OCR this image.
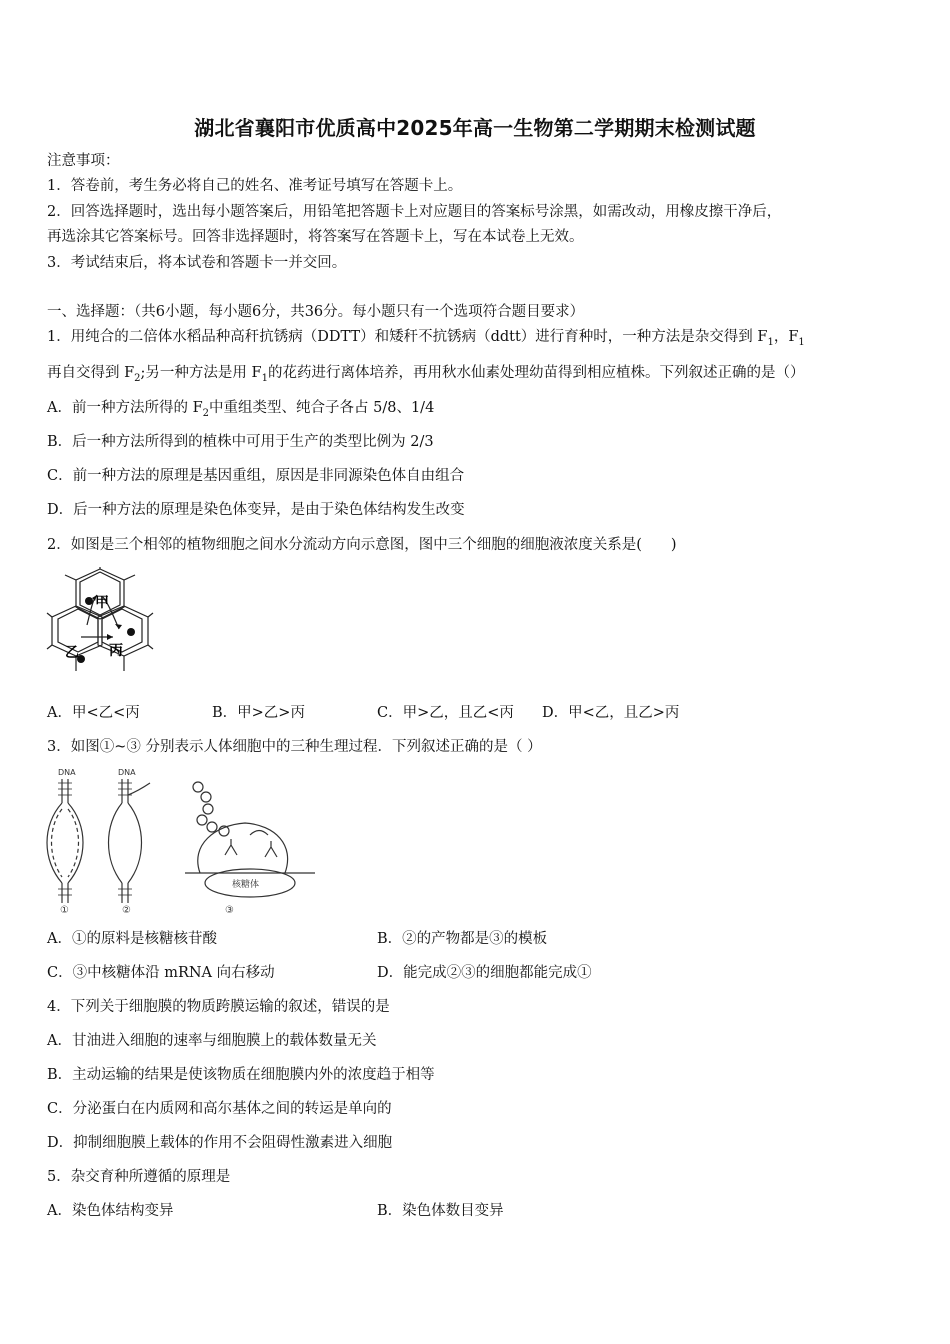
湖北省襄阳市优质高中2025年高一生物第二学期期末检测试题
注意事项：
1．答卷前，考生务必将自己的姓名、准考证号填写在答题卡上。
2．回答选择题时，选出每小题答案后，用铅笔把答题卡上对应题目的答案标号涂黑，如需改动，用橡皮擦干净后，
再选涂其它答案标号。回答非选择题时，将答案写在答题卡上，写在本试卷上无效。
3．考试结束后，将本试卷和答题卡一并交回。
一、选择题：（共6小题，每小题6分，共36分。每小题只有一个选项符合题目要求）
1．用纯合的二倍体水稻品种高秆抗锈病（DDTT）和矮秆不抗锈病（ddtt）进行育种时，一种方法是杂交得到 $F_1$，$F_1$
再自交得到 $F_2$;另一种方法是用 $F_1$的花药进行离体培养，再用秋水仙素处理幼苗得到相应植株。下列叙述正确的是（）
A．前一种方法所得的 $F_2$中重组类型、纯合子各占 5/8、1/4
B．后一种方法所得到的植株中可用于生产的类型比例为 2/3
C．前一种方法的原理是基因重组，原因是非同源染色体自由组合
D．后一种方法的原理是染色体变异，是由于染色体结构发生改变
2．如图是三个相邻的植物细胞之间水分流动方向示意图，图中三个细胞的细胞液浓度关系是(　　)
甲
乙 丙
A．甲<乙<丙	B．甲>乙>丙	C．甲>乙，且乙<丙 D．甲<乙，且乙>丙
3．如图①~③ 分别表示人体细胞中的三种生理过程．下列叙述正确的是（ ）
DNA	DNA
①	②	③
核糖体
A．①的原料是核糖核苷酸	B．②的产物都是③的模板
C．③中核糖体沿 mRNA 向右移动	D．能完成②③的细胞都能完成①
4．下列关于细胞膜的物质跨膜运输的叙述，错误的是
A．甘油进入细胞的速率与细胞膜上的载体数量无关
B．主动运输的结果是使该物质在细胞膜内外的浓度趋于相等
C．分泌蛋白在内质网和高尔基体之间的转运是单向的
D．抑制细胞膜上载体的作用不会阻碍性激素进入细胞
5．杂交育种所遵循的原理是
A．染色体结构变异	B．染色体数目变异
